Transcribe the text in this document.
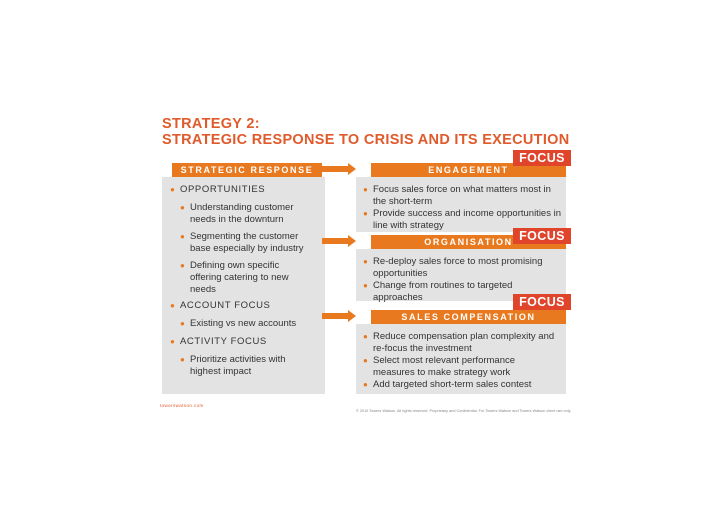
STRATEGY 2:
STRATEGIC RESPONSE TO CRISIS AND ITS EXECUTION
STRATEGIC RESPONSE
● OPPORTUNITIES
● Understanding customer needs in the downturn
● Segmenting the customer base especially by industry
● Defining own specific offering catering to new needs
● ACCOUNT FOCUS
● Existing vs new accounts
● ACTIVITY FOCUS
● Prioritize activities with highest impact
ENGAGEMENT
FOCUS
● Focus sales force on what matters most in the short-term
● Provide success and income opportunities in line with strategy
ORGANISATION FOCUS
● Re-deploy sales force to most promising opportunities
● Change from routines to targeted approaches
SALES COMPENSATION
FOCUS
● Reduce compensation plan complexity and re-focus the investment
● Select most relevant performance measures to make strategy work
● Add targeted short-term sales contest
towerswatson.com
© 2010 Towers Watson. All rights reserved. Proprietary and Confidential. For Towers Watson and Towers Watson client use only.
